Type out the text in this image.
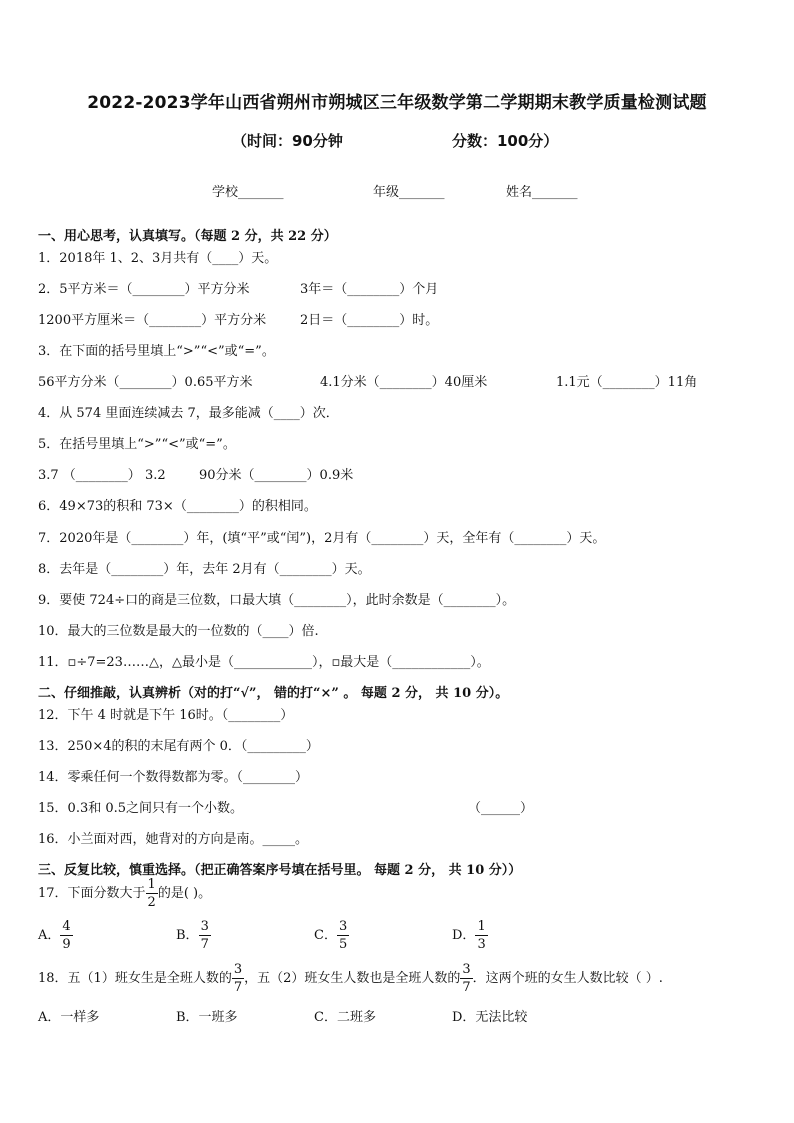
2022-2023学年山西省朔州市朔城区三年级数学第二学期期末教学质量检测试题
（时间：90分钟	分数：100分）
学校_______	年级_______	姓名_______
一、用心思考，认真填写。（每题 2 分，共 22 分）
1．2018年 1、2、3月共有（____）天。
2．5平方米＝（________）平方分米	3年＝（________）个月
1200平方厘米＝（________）平方分米	2日＝（________）时。
3．在下面的括号里填上“>”“<”或“=”。
56平方分米（________）0.65平方米	4.1分米（________）40厘米	1.1元（________）11角
4．从 574 里面连续减去 7，最多能减（____）次．
5．在括号里填上“>”“<”或“=”。
3.7 （________） 3.2	90分米（________）0.9米
6．49×73的积和 73×（________）的积相同。
7．2020年是（________）年，(填“平”或“闰”)，2月有（________）天，全年有（________）天。
8．去年是（________）年，去年 2月有（________）天。
9．要使 724÷口的商是三位数，口最大填（________），此时余数是（________）。
10．最大的三位数是最大的一位数的（____）倍.
11．▫÷7=23……△，△最小是（____________），▫最大是（____________）。
二、仔细推敲，认真辨析（对的打“√”， 错的打“×” 。 每题 2 分， 共 10 分）。
12．下午 4 时就是下午 16时。（________）
13．250×4的积的末尾有两个 0．（_________）
14．零乘任何一个数得数都为零。（________）
15．0.3和 0.5之间只有一个小数。	（______）
16．小兰面对西，她背对的方向是南。_____。
三、反复比较，慎重选择。（把正确答案序号填在括号里。 每题 2 分， 共 10 分））
17．下面分数大于 $\frac{1}{2}$ 的是( )。
A． $\frac{4}{9}$	B． $\frac{3}{7}$	C． $\frac{3}{5}$	D． $\frac{1}{3}$
18．五（1）班女生是全班人数的 $\frac{3}{7}$ ，五（2）班女生人数也是全班人数的 $\frac{3}{7}$ ．这两个班的女生人数比较（ ）.
A．一样多	B．一班多	C．二班多	D．无法比较
